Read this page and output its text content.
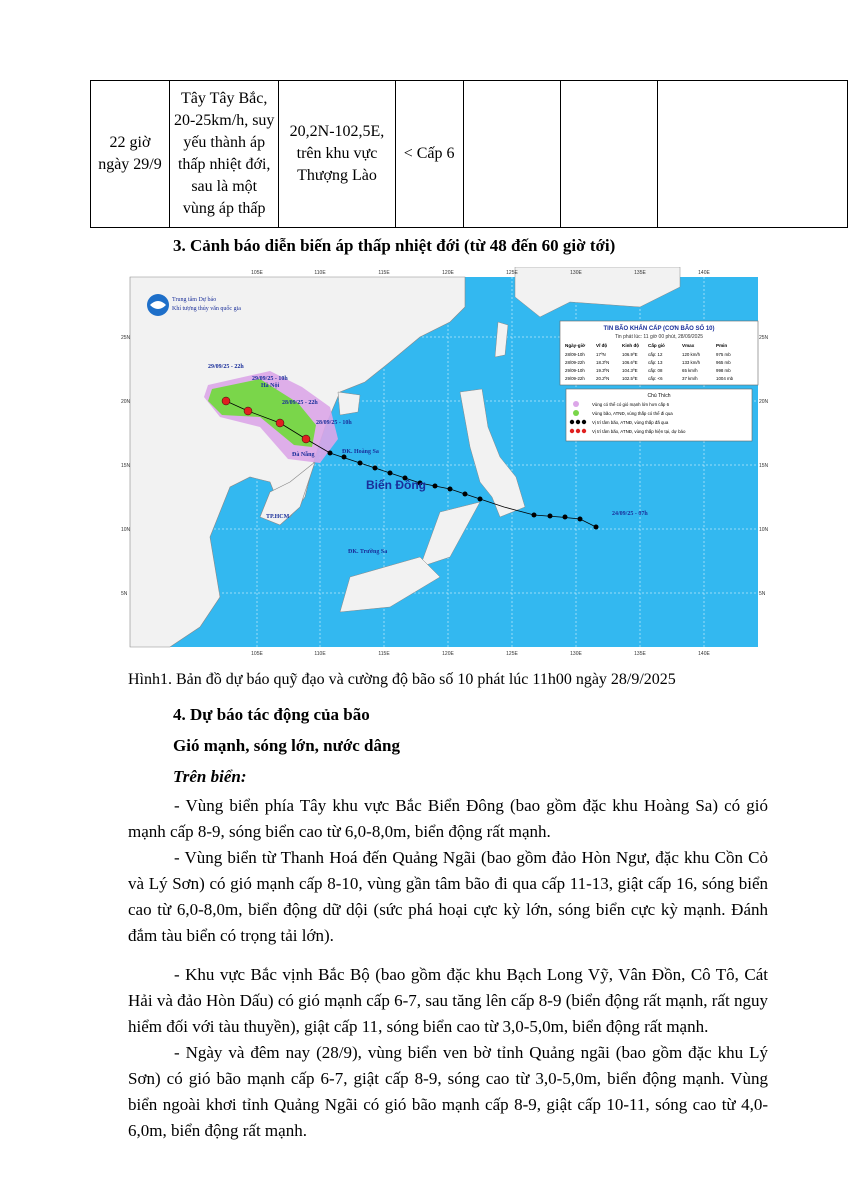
22 giờ ngày 29/9	Tây Tây Bắc, 20-25km/h, suy yếu thành áp thấp nhiệt đới, sau là một vùng áp thấp	20,2N-102,5E, trên khu vực Thượng Lào	< Cấp 6			
3. Cảnh báo diễn biến áp thấp nhiệt đới (từ 48 đến 60 giờ tới)
25N
20N
15N
10N
5N
25N
20N
15N
10N
5N
105E	110E	115E	120E	125E	130E	135E	140E
105E	110E	115E	120E	125E	130E	135E	140E
Trung tâm Dự báo
Khí tượng thủy văn quốc gia
29/09/25 - 22h
29/09/25 - 10h
28/09/25 - 22h
28/09/25 - 10h
24/09/25 - 07h
Hà Nội
Đà Nẵng	ĐK. Hoàng Sa
TP.HCM
ĐK. Trường Sa
Biển Đông
TIN BÃO KHẨN CẤP (CƠN BÃO SỐ 10)
Tin phát lúc: 11 giờ 00 phút, 28/09/2025
Ngày-giờ Vĩ độ	Kinh độ Cấp gió	Vmax	Pmin
28/09-10h	17ºN	106.9ºE cấp: 12	120 km/h	975 mb
28/09-22h	18.3ºN	106.6ºE cấp: 13	133 km/h	965 mb
29/09-10h	19.3ºN	104.3ºE cấp: 08	65 km/h	998 mb
29/09-22h	20.2ºN	102.5ºE cấp: <6	37 km/h	1004 mb
Chú Thích
Vùng có thể có gió mạnh lớn hơn cấp 6
Vùng bão, ATNĐ, vùng thấp có thể đi qua
Vị trí tâm bão, ATNĐ, vùng thấp đã qua
Vị trí tâm bão, ATNĐ, vùng thấp hiện tại, dự báo
Hình1. Bản đồ dự báo quỹ đạo và cường độ bão số 10 phát lúc 11h00 ngày 28/9/2025
4. Dự báo tác động của bão
Gió mạnh, sóng lớn, nước dâng
Trên biển:

- Vùng biển phía Tây khu vực Bắc Biển Đông (bao gồm đặc khu Hoàng Sa) có gió mạnh cấp 8-9, sóng biển cao từ 6,0-8,0m, biển động rất mạnh.

- Vùng biển từ Thanh Hoá đến Quảng Ngãi (bao gồm đảo Hòn Ngư, đặc khu Cồn Cỏ và Lý Sơn) có gió mạnh cấp 8-10, vùng gần tâm bão đi qua cấp 11-13, giật cấp 16, sóng biển cao từ 6,0-8,0m, biển động dữ dội (sức phá hoại cực kỳ lớn, sóng biển cực kỳ mạnh. Đánh đắm tàu biển có trọng tải lớn).

- Khu vực Bắc vịnh Bắc Bộ (bao gồm đặc khu Bạch Long Vỹ, Vân Đồn, Cô Tô, Cát Hải và đảo Hòn Dấu) có gió mạnh cấp 6-7, sau tăng lên cấp 8-9 (biển động rất mạnh, rất nguy hiểm đối với tàu thuyền), giật cấp 11, sóng biển cao từ 3,0-5,0m, biển động rất mạnh.

- Ngày và đêm nay (28/9), vùng biển ven bờ tỉnh Quảng ngãi (bao gồm đặc khu Lý Sơn) có gió bão mạnh cấp 6-7, giật cấp 8-9, sóng cao từ 3,0-5,0m, biển động mạnh. Vùng biển ngoài khơi tỉnh Quảng Ngãi có gió bão mạnh cấp 8-9, giật cấp 10-11, sóng cao từ 4,0-6,0m, biển động rất mạnh.
